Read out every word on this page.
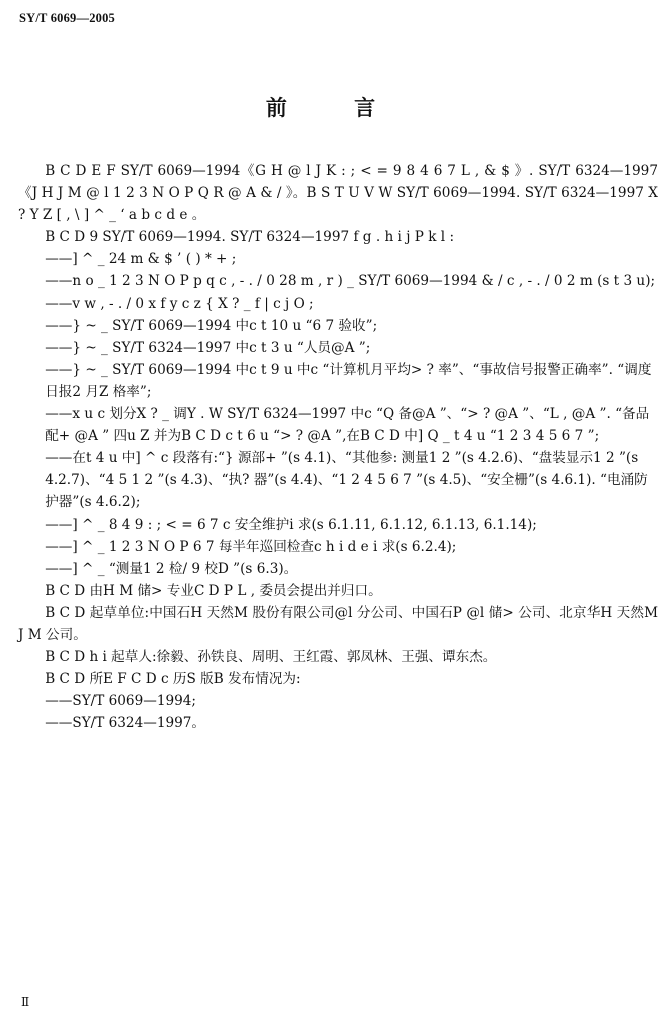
SY/T 6069—2005
前 言

B C D E F SY/T 6069—1994《G H @ l J K : ; < = 9 8 4 6 7 L , & $ 》. SY/T 6324—1997《J H J M @ l 1 2 3 N O P Q R @ A & / 》。B S T U V W SY/T 6069—1994. SY/T 6324—1997 X ? Y Z [ , \ ] ^ _ ‘ a b c d e 。

B C D 9 SY/T 6069—1994. SY/T 6324—1997 f g . h i j P k l :

——] ^ _ 24 m & $ ’ ( ) * + ;

——n o _ 1 2 3 N O P p q c , - . / 0 28 m , r ) _ SY/T 6069—1994 & / c , - . / 0 2 m (s t 3 u);

——v w , - . / 0 x f y c z { X ? _ f | c j O ;

——} ~ _ SY/T 6069—1994 中c t 10 u “6 7 验收”;

——} ~ _ SY/T 6324—1997 中c t 3 u “人员@A ”;

——} ~ _ SY/T 6069—1994 中c t 9 u 中c “计算机月平均> ? 率”、“事故信号报警正确率”. “调度日报2 月Z 格率”;

——x u c 划分X ? _ 调Y . W SY/T 6324—1997 中c “Q 备@A ”、“> ? @A ”、“L , @A ”. “备品配+ @A ” 四u Z 并为B C D c t 6 u “> ? @A ”,在B C D 中] Q _ t 4 u “1 2 3 4 5 6 7 ”;

——在t 4 u 中] ^ c 段落有:“} 源部+ ”(s 4.1)、“其他参: 测量1 2 ”(s 4.2.6)、“盘装显示1 2 ”(s 4.2.7)、“4 5 1 2 ”(s 4.3)、“执? 器”(s 4.4)、“1 2 4 5 6 7 ”(s 4.5)、“安全栅”(s 4.6.1). “电涌防护器”(s 4.6.2);

——] ^ _ 8 4 9 : ; < = 6 7 c 安全维护i 求(s 6.1.11, 6.1.12, 6.1.13, 6.1.14);

——] ^ _ 1 2 3 N O P 6 7 每半年巡回检查c h i d e i 求(s 6.2.4);

——] ^ _ “测量1 2 检/ 9 校D ”(s 6.3)。

B C D 由H M 储> 专业C D P L , 委员会提出并归口。

B C D 起草单位:中国石H 天然M 股份有限公司@l 分公司、中国石P @l 储> 公司、北京华H 天然M J M 公司。

B C D h i 起草人:徐毅、孙铁良、周明、王红霞、郭凤林、王强、谭东杰。

B C D 所E F C D c 历S 版B 发布情况为:

——SY/T 6069—1994;

——SY/T 6324—1997。

Ⅱ
